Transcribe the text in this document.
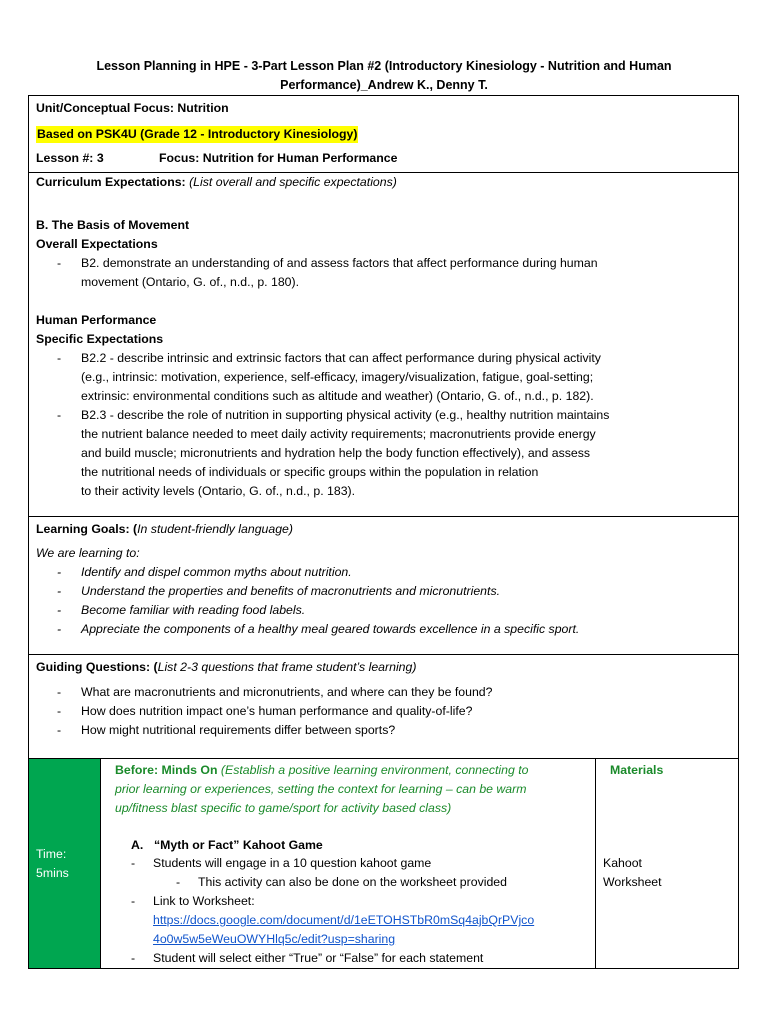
Lesson Planning in HPE - 3-Part Lesson Plan #2 (Introductory Kinesiology - Nutrition and Human
Performance)_Andrew K., Denny T.
Unit/Conceptual Focus: Nutrition
Based on PSK4U (Grade 12 - Introductory Kinesiology)
Lesson #: 3	Focus: Nutrition for Human Performance
Curriculum Expectations: (List overall and specific expectations)
B. The Basis of Movement
Overall Expectations
- B2. demonstrate an understanding of and assess factors that affect performance during human
movement (Ontario, G. of., n.d., p. 180).
Human Performance
Specific Expectations
- B2.2 - describe intrinsic and extrinsic factors that can affect performance during physical activity
(e.g., intrinsic: motivation, experience, self-efficacy, imagery/visualization, fatigue, goal-setting;
extrinsic: environmental conditions such as altitude and weather) (Ontario, G. of., n.d., p. 182).
- B2.3 - describe the role of nutrition in supporting physical activity (e.g., healthy nutrition maintains
the nutrient balance needed to meet daily activity requirements; macronutrients provide energy
and build muscle; micronutrients and hydration help the body function effectively), and assess
the nutritional needs of individuals or specific groups within the population in relation
to their activity levels (Ontario, G. of., n.d., p. 183).
Learning Goals: (In student-friendly language)
We are learning to:
- Identify and dispel common myths about nutrition.
- Understand the properties and benefits of macronutrients and micronutrients.
- Become familiar with reading food labels.
- Appreciate the components of a healthy meal geared towards excellence in a specific sport.
Guiding Questions: (List 2-3 questions that frame student’s learning)
- What are macronutrients and micronutrients, and where can they be found?
- How does nutrition impact one’s human performance and quality-of-life?
- How might nutritional requirements differ between sports?
Time:
5mins
Before: Minds On (Establish a positive learning environment, connecting to
prior learning or experiences, setting the context for learning – can be warm
up/fitness blast specific to game/sport for activity based class)
A. “Myth or Fact” Kahoot Game
- Students will engage in a 10 question kahoot game
- This activity can also be done on the worksheet provided
- Link to Worksheet:
https://docs.google.com/document/d/1eETOHSTbR0mSq4ajbQrPVjco
4o0w5w5eWeuOWYHlq5c/edit?usp=sharing
- Student will select either “True” or “False” for each statement
Materials
Kahoot
Worksheet
